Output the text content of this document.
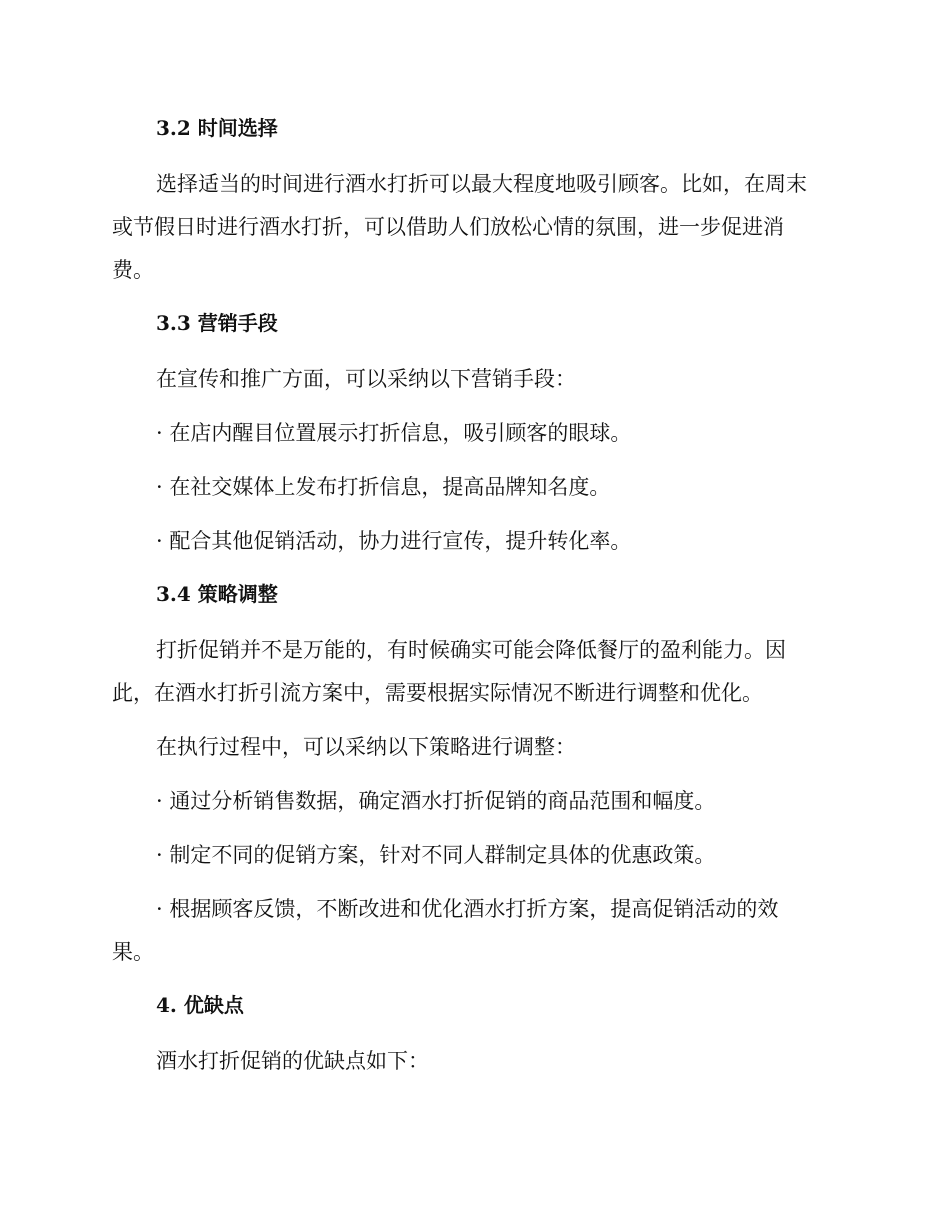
3.2 时间选择

选择适当的时间进行酒水打折可以最大程度地吸引顾客。比如，在周末或节假日时进行酒水打折，可以借助人们放松心情的氛围，进一步促进消费。

3.3 营销手段

在宣传和推广方面，可以采纳以下营销手段：

· 在店内醒目位置展示打折信息，吸引顾客的眼球。

· 在社交媒体上发布打折信息，提高品牌知名度。

· 配合其他促销活动，协力进行宣传，提升转化率。

3.4 策略调整

打折促销并不是万能的，有时候确实可能会降低餐厅的盈利能力。因此，在酒水打折引流方案中，需要根据实际情况不断进行调整和优化。

在执行过程中，可以采纳以下策略进行调整：

· 通过分析销售数据，确定酒水打折促销的商品范围和幅度。

· 制定不同的促销方案，针对不同人群制定具体的优惠政策。

· 根据顾客反馈，不断改进和优化酒水打折方案，提高促销活动的效果。

4. 优缺点

酒水打折促销的优缺点如下：
